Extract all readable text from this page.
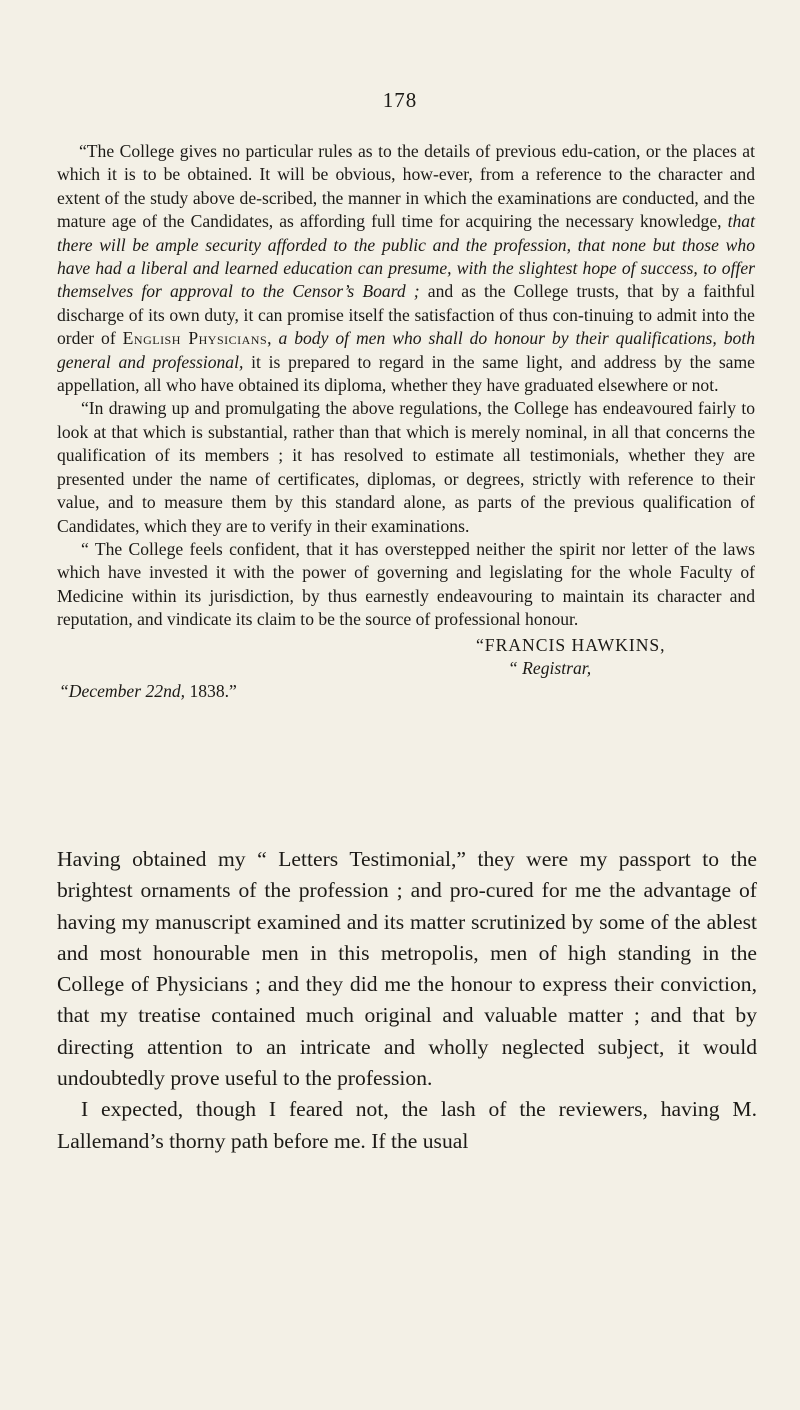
178

“The College gives no particular rules as to the details of previous edu-cation, or the places at which it is to be obtained. It will be obvious, how-ever, from a reference to the character and extent of the study above de-scribed, the manner in which the examinations are conducted, and the mature age of the Candidates, as affording full time for acquiring the necessary knowledge, that there will be ample security afforded to the public and the profession, that none but those who have had a liberal and learned education can presume, with the slightest hope of success, to offer themselves for approval to the Censor’s Board ; and as the College trusts, that by a faithful discharge of its own duty, it can promise itself the satisfaction of thus con-tinuing to admit into the order of English Physicians, a body of men who shall do honour by their qualifications, both general and professional, it is prepared to regard in the same light, and address by the same appellation, all who have obtained its diploma, whether they have graduated elsewhere or not.

“In drawing up and promulgating the above regulations, the College has endeavoured fairly to look at that which is substantial, rather than that which is merely nominal, in all that concerns the qualification of its members ; it has resolved to estimate all testimonials, whether they are presented under the name of certificates, diplomas, or degrees, strictly with reference to their value, and to measure them by this standard alone, as parts of the previous qualification of Candidates, which they are to verify in their examinations.

“ The College feels confident, that it has overstepped neither the spirit nor letter of the laws which have invested it with the power of governing and legislating for the whole Faculty of Medicine within its jurisdiction, by thus earnestly endeavouring to maintain its character and reputation, and vindicate its claim to be the source of professional honour.

“FRANCIS HAWKINS,
“ Registrar,
“December 22nd, 1838.”

Having obtained my “ Letters Testimonial,” they were my passport to the brightest ornaments of the profession ; and pro-cured for me the advantage of having my manuscript examined and its matter scrutinized by some of the ablest and most honourable men in this metropolis, men of high standing in the College of Physicians ; and they did me the honour to express their conviction, that my treatise contained much original and valuable matter ; and that by directing attention to an intricate and wholly neglected subject, it would undoubtedly prove useful to the profession.

I expected, though I feared not, the lash of the reviewers, having M. Lallemand’s thorny path before me. If the usual
